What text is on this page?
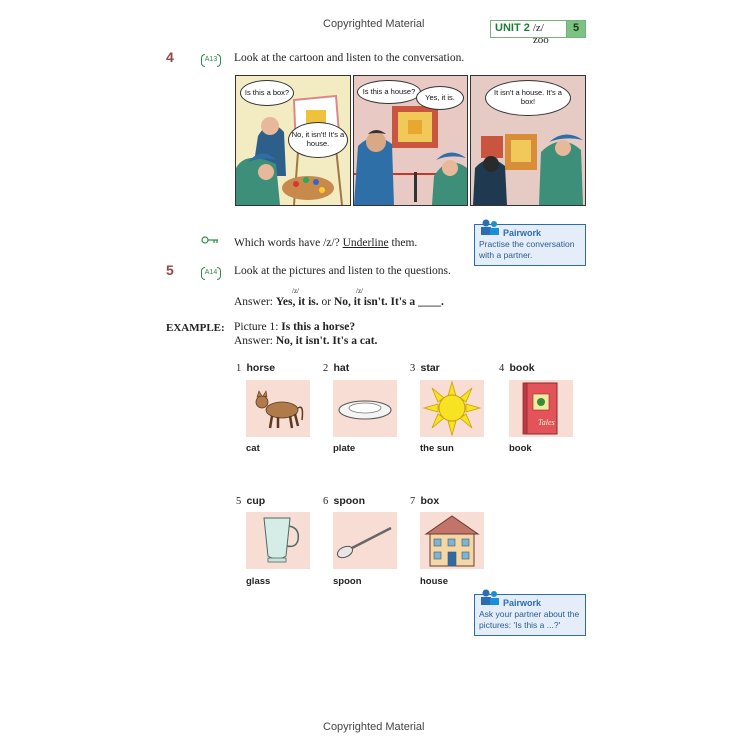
Copyrighted Material	UNIT 2 /z/ zoo
5
4	A13 Look at the cartoon and listen to the conversation.
Is this a box?
No, it isn't! It's a house.
Is this a house?
Yes, it is.	It isn't a house. It's a box!
Which words have /z/? Underline them.
Pairwork
Practise the conversation with a partner.
5	A14 Look at the pictures and listen to the questions.
/z/	/z/
Answer: Yes, it is. or No, it isn't. It's a ____.
EXAMPLE: Picture 1: Is this a horse?
Answer: No, it isn't. It's a cat.
1 horse
cat
2 hat
plate
3 star
the sun
4 book
Tales
book
5 cup
glass
6 spoon
spoon
7 box
house
Pairwork
Ask your partner about the pictures: 'Is this a ...?'
Copyrighted Material
